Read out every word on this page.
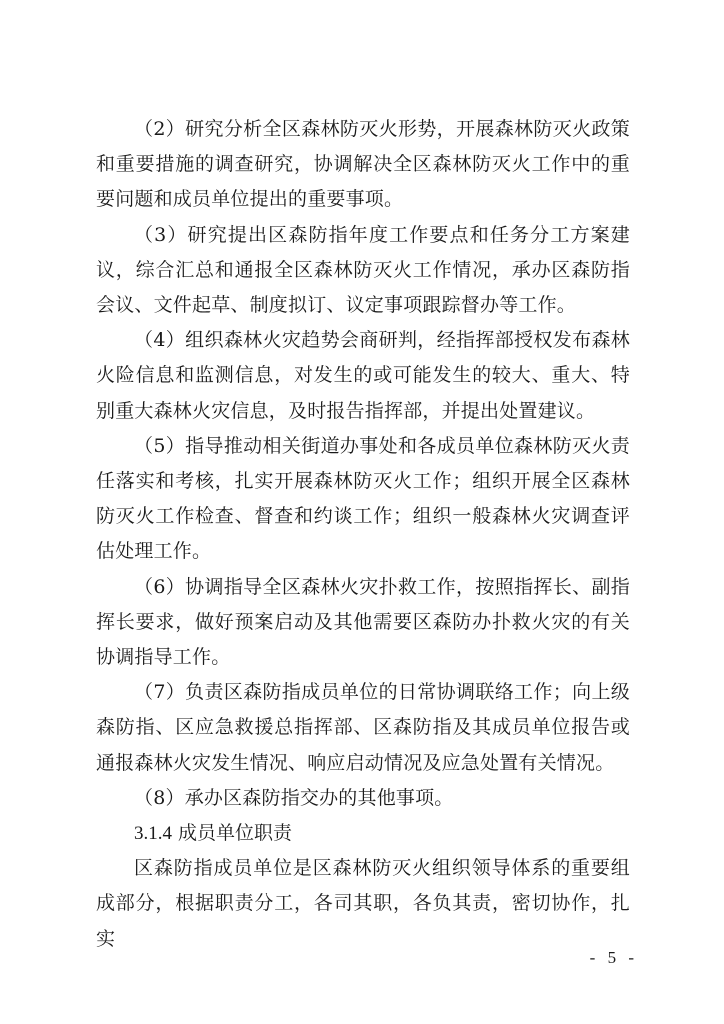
（2）研究分析全区森林防灭火形势，开展森林防灭火政策和重要措施的调查研究，协调解决全区森林防灭火工作中的重要问题和成员单位提出的重要事项。

（3）研究提出区森防指年度工作要点和任务分工方案建议，综合汇总和通报全区森林防灭火工作情况，承办区森防指会议、文件起草、制度拟订、议定事项跟踪督办等工作。

（4）组织森林火灾趋势会商研判，经指挥部授权发布森林火险信息和监测信息，对发生的或可能发生的较大、重大、特别重大森林火灾信息，及时报告指挥部，并提出处置建议。

（5）指导推动相关街道办事处和各成员单位森林防灭火责任落实和考核，扎实开展森林防灭火工作；组织开展全区森林防灭火工作检查、督查和约谈工作；组织一般森林火灾调查评估处理工作。

（6）协调指导全区森林火灾扑救工作，按照指挥长、副指挥长要求，做好预案启动及其他需要区森防办扑救火灾的有关协调指导工作。

（7）负责区森防指成员单位的日常协调联络工作；向上级森防指、区应急救援总指挥部、区森防指及其成员单位报告或通报森林火灾发生情况、响应启动情况及应急处置有关情况。

（8）承办区森防指交办的其他事项。

3.1.4 成员单位职责

区森防指成员单位是区森林防灭火组织领导体系的重要组成部分，根据职责分工，各司其职，各负其责，密切协作，扎实

- 5 -
